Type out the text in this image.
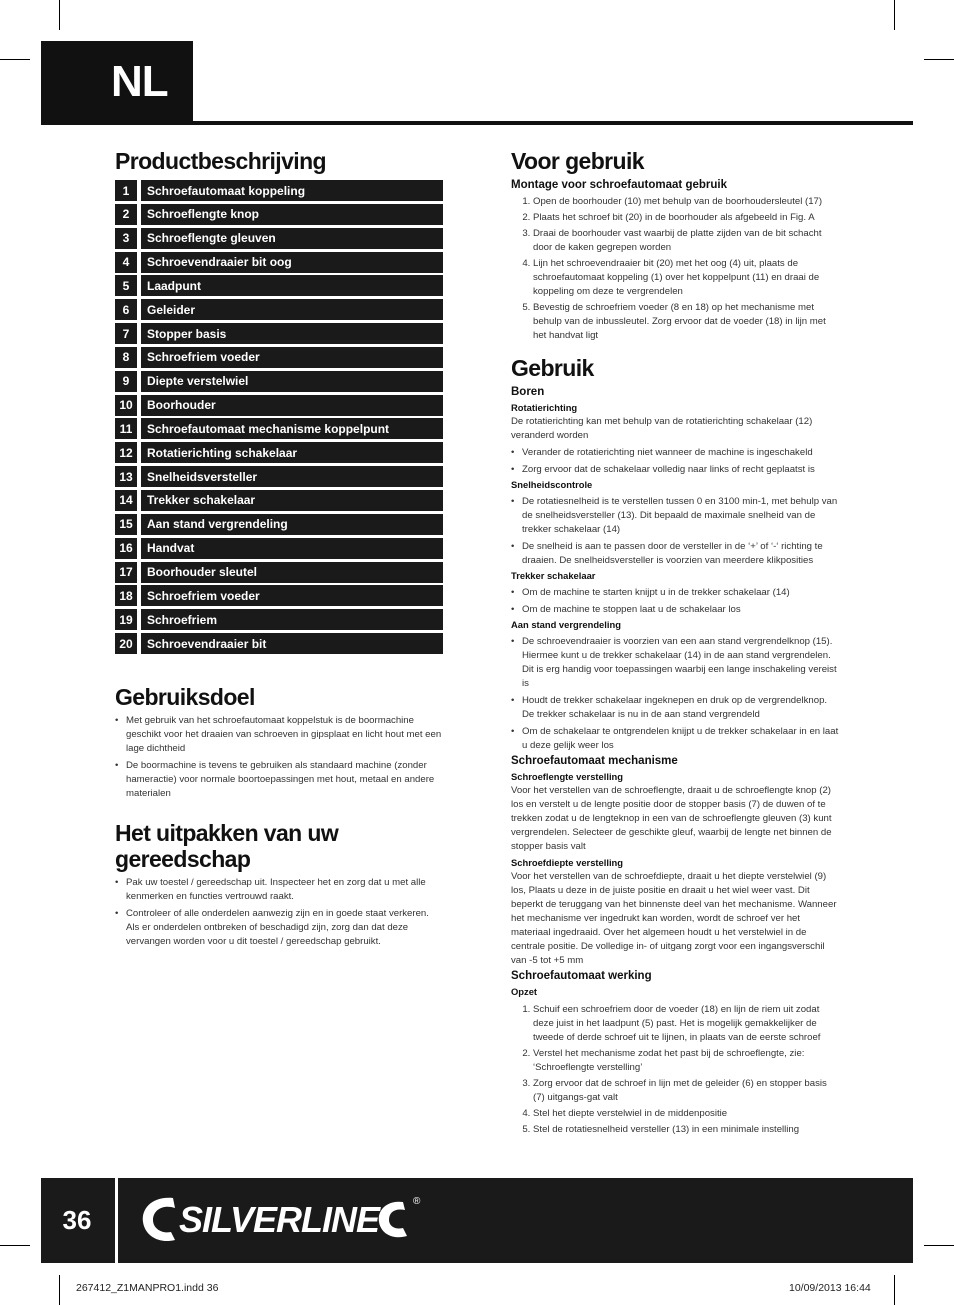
NL
Productbeschrijving
1	Schroefautomaat koppeling
2	Schroeflengte knop
3	Schroeflengte gleuven
4	Schroevendraaier bit oog
5	Laadpunt
6	Geleider
7	Stopper basis
8	Schroefriem voeder
9	Diepte verstelwiel
10	Boorhouder
11	Schroefautomaat mechanisme koppelpunt
12	Rotatierichting schakelaar
13	Snelheidsversteller
14	Trekker schakelaar
15	Aan stand vergrendeling
16	Handvat
17	Boorhouder sleutel
18	Schroefriem voeder
19	Schroefriem
20	Schroevendraaier bit
Gebruiksdoel
• Met gebruik van het schroefautomaat koppelstuk is de boormachine geschikt voor het draaien van schroeven in gipsplaat en licht hout met een lage dichtheid
• De boormachine is tevens te gebruiken als standaard machine (zonder hameractie) voor normale boortoepassingen met hout, metaal en andere materialen
Het uitpakken van uw
gereedschap
• Pak uw toestel / gereedschap uit. Inspecteer het en zorg dat u met alle kenmerken en functies vertrouwd raakt.
• Controleer of alle onderdelen aanwezig zijn en in goede staat verkeren. Als er onderdelen ontbreken of beschadigd zijn, zorg dan dat deze vervangen worden voor u dit toestel / gereedschap gebruikt.
Voor gebruik
Montage voor schroefautomaat gebruik
1. Open de boorhouder (10) met behulp van de boorhoudersleutel (17)
2. Plaats het schroef bit (20) in de boorhouder als afgebeeld in Fig. A
3. Draai de boorhouder vast waarbij de platte zijden van de bit schacht door de kaken gegrepen worden
4. Lijn het schroevendraaier bit (20) met het oog (4) uit, plaats de schroefautomaat koppeling (1) over het koppelpunt (11) en draai de koppeling om deze te vergrendelen
5. Bevestig de schroefriem voeder (8 en 18) op het mechanisme met behulp van de inbussleutel. Zorg ervoor dat de voeder (18) in lijn met het handvat ligt
Gebruik
Boren
Rotatierichting
De rotatierichting kan met behulp van de rotatierichting schakelaar (12) veranderd worden
• Verander de rotatierichting niet wanneer de machine is ingeschakeld
• Zorg ervoor dat de schakelaar volledig naar links of recht geplaatst is
Snelheidscontrole
• De rotatiesnelheid is te verstellen tussen 0 en 3100 min-1, met behulp van de snelheidsversteller (13). Dit bepaald de maximale snelheid van de trekker schakelaar (14)
• De snelheid is aan te passen door de versteller in de ‘+’ of ‘-‘ richting te draaien. De snelheidsversteller is voorzien van meerdere klikposities
Trekker schakelaar
• Om de machine te starten knijpt u in de trekker schakelaar (14)
• Om de machine te stoppen laat u de schakelaar los
Aan stand vergrendeling
• De schroevendraaier is voorzien van een aan stand vergrendelknop (15). Hiermee kunt u de trekker schakelaar (14) in de aan stand vergrendelen. Dit is erg handig voor toepassingen waarbij een lange inschakeling vereist is
• Houdt de trekker schakelaar ingeknepen en druk op de vergrendelknop. De trekker schakelaar is nu in de aan stand vergrendeld
• Om de schakelaar te ontgrendelen knijpt u de trekker schakelaar in en laat u deze gelijk weer los
Schroefautomaat mechanisme
Schroeflengte verstelling
Voor het verstellen van de schroeflengte, draait u de schroeflengte knop (2) los en verstelt u de lengte positie door de stopper basis (7) de duwen of te trekken zodat u de lengteknop in een van de schroeflengte gleuven (3) kunt vergrendelen. Selecteer de geschikte gleuf, waarbij de lengte net binnen de stopper basis valt
Schroefdiepte verstelling
Voor het verstellen van de schroefdiepte, draait u het diepte verstelwiel (9) los, Plaats u deze in de juiste positie en draait u het wiel weer vast. Dit beperkt de teruggang van het binnenste deel van het mechanisme. Wanneer het mechanisme ver ingedrukt kan worden, wordt de schroef ver het materiaal ingedraaid. Over het algemeen houdt u het verstelwiel in de centrale positie. De volledige in- of uitgang zorgt voor een ingangsverschil van -5 tot +5 mm
Schroefautomaat werking
Opzet
1. Schuif een schroefriem door de voeder (18) en lijn de riem uit zodat deze juist in het laadpunt (5) past. Het is mogelijk gemakkelijker de tweede of derde schroef uit te lijnen, in plaats van de eerste schroef
2. Verstel het mechanisme zodat het past bij de schroeflengte, zie: ‘Schroeflengte verstelling’
3. Zorg ervoor dat de schroef in lijn met de geleider (6) en stopper basis (7) uitgangs-gat valt
4. Stel het diepte verstelwiel in de middenpositie
5. Stel de rotatiesnelheid versteller (13) in een minimale instelling
36	SILVERLINE	®
267412_Z1MANPRO1.indd 36	10/09/2013 16:44
